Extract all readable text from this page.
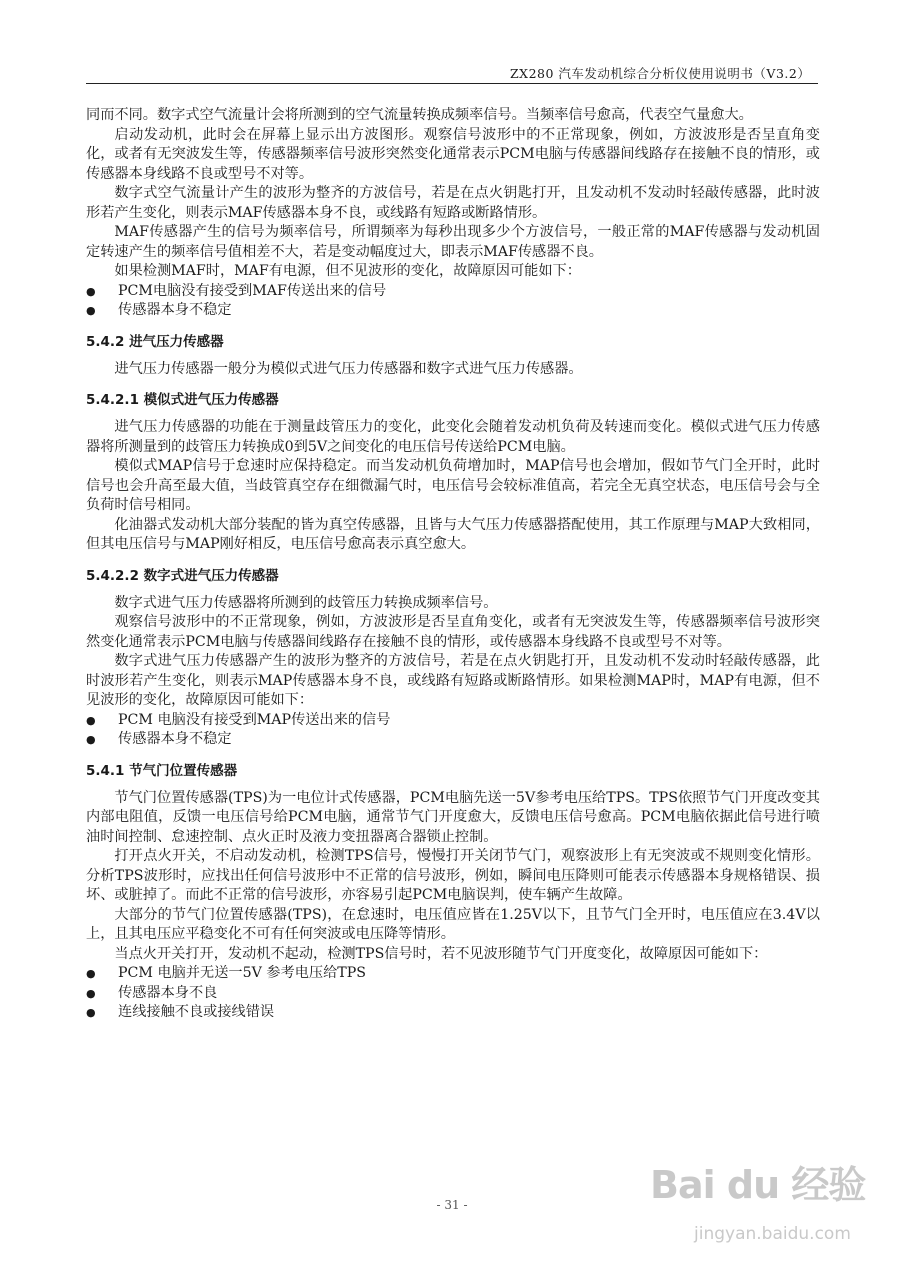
ZX280 汽车发动机综合分析仪使用说明书（V3.2）

同而不同。数字式空气流量计会将所测到的空气流量转换成频率信号。当频率信号愈高，代表空气量愈大。

启动发动机，此时会在屏幕上显示出方波图形。观察信号波形中的不正常现象，例如，方波波形是否呈直角变化，或者有无突波发生等，传感器频率信号波形突然变化通常表示PCM电脑与传感器间线路存在接触不良的情形，或传感器本身线路不良或型号不对等。

数字式空气流量计产生的波形为整齐的方波信号，若是在点火钥匙打开，且发动机不发动时轻敲传感器，此时波形若产生变化，则表示MAF传感器本身不良，或线路有短路或断路情形。

MAF传感器产生的信号为频率信号，所谓频率为每秒出现多少个方波信号，一般正常的MAF传感器与发动机固定转速产生的频率信号值相差不大，若是变动幅度过大，即表示MAF传感器不良。

如果检测MAF时，MAF有电源，但不见波形的变化，故障原因可能如下：

●	PCM电脑没有接受到MAF传送出来的信号
●	传感器本身不稳定
5.4.2 进气压力传感器

进气压力传感器一般分为模似式进气压力传感器和数字式进气压力传感器。

5.4.2.1 模似式进气压力传感器

进气压力传感器的功能在于测量歧管压力的变化，此变化会随着发动机负荷及转速而变化。模似式进气压力传感器将所测量到的歧管压力转换成0到5V之间变化的电压信号传送给PCM电脑。

模似式MAP信号于怠速时应保持稳定。而当发动机负荷增加时，MAP信号也会增加，假如节气门全开时，此时信号也会升高至最大值，当歧管真空存在细微漏气时，电压信号会较标准值高，若完全无真空状态，电压信号会与全负荷时信号相同。

化油器式发动机大部分装配的皆为真空传感器，且皆与大气压力传感器搭配使用，其工作原理与MAP大致相同，但其电压信号与MAP刚好相反，电压信号愈高表示真空愈大。

5.4.2.2 数字式进气压力传感器

数字式进气压力传感器将所测到的歧管压力转换成频率信号。

观察信号波形中的不正常现象，例如，方波波形是否呈直角变化，或者有无突波发生等，传感器频率信号波形突然变化通常表示PCM电脑与传感器间线路存在接触不良的情形，或传感器本身线路不良或型号不对等。

数字式进气压力传感器产生的波形为整齐的方波信号，若是在点火钥匙打开，且发动机不发动时轻敲传感器，此时波形若产生变化，则表示MAP传感器本身不良，或线路有短路或断路情形。如果检测MAP时，MAP有电源，但不见波形的变化，故障原因可能如下：

●	PCM 电脑没有接受到MAP传送出来的信号
●	传感器本身不稳定
5.4.1 节气门位置传感器

节气门位置传感器(TPS)为一电位计式传感器，PCM电脑先送一5V参考电压给TPS。TPS依照节气门开度改变其内部电阻值，反馈一电压信号给PCM电脑，通常节气门开度愈大，反馈电压信号愈高。PCM电脑依据此信号进行喷油时间控制、怠速控制、点火正时及液力变扭器离合器锁止控制。

打开点火开关，不启动发动机，检测TPS信号，慢慢打开关闭节气门，观察波形上有无突波或不规则变化情形。分析TPS波形时，应找出任何信号波形中不正常的信号波形，例如，瞬间电压降则可能表示传感器本身规格错误、损坏、或脏掉了。而此不正常的信号波形，亦容易引起PCM电脑误判，使车辆产生故障。

大部分的节气门位置传感器(TPS)，在怠速时，电压值应皆在1.25V以下，且节气门全开时，电压值应在3.4V以上，且其电压应平稳变化不可有任何突波或电压降等情形。

当点火开关打开，发动机不起动，检测TPS信号时，若不见波形随节气门开度变化，故障原因可能如下：

●	PCM 电脑并无送一5V 参考电压给TPS
●	传感器本身不良
●	连线接触不良或接线错误
- 31 -	Bai du 经验
jingyan.baidu.com
